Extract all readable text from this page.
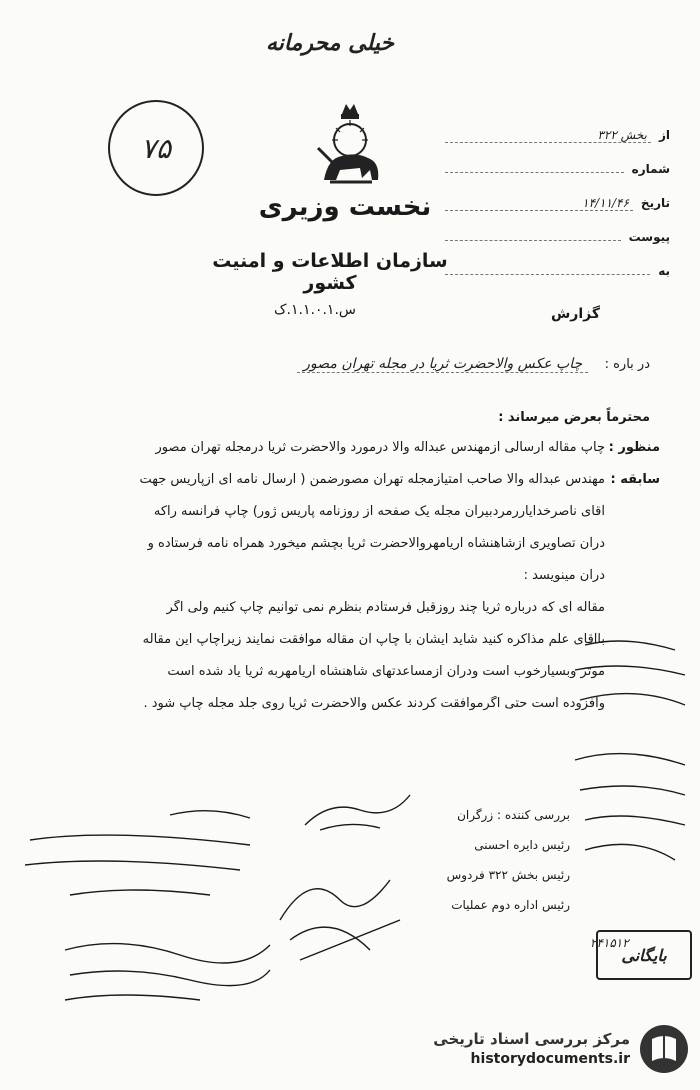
خیلی محرمانه
۷۵	از
بخش ۳۲۲
شماره
تاریخ
۱۴/۱۱/۴۶
پیوست
به
نخست وزیری
سازمان اطلاعات و امنیت کشور
س.۱.۱.۰.۱.ک	گزارش
در باره : چاپ عکس والاحضرت ثریا در مجله تهران مصور
محترماً بعرض میرساند :
منظور :
چاپ مقاله ارسالی ازمهندس عبداله والا درمورد والاحضرت ثریا درمجله تهران مصور
سابقه :
مهندس عبداله والا صاحب امتیازمجله تهران مصورضمن ( ارسال نامه ای ازپاریس جهت
آقای ناصرخدایاررمردبیرآن مجله یک صفحه از روزنامه پاریس ژور) چاپ فرانسه راکه
درآن تصاویری ازشاهنشاه آریامهروالاحضرت ثریا بچشم میخورد همراه نامه فرستاده و
درآن مینویسد :
مقاله ای که درباره ثریا چند روزقبل فرستادم بنظرم نمی توانیم چاپ کنیم ولی اگر
باآقای علم مذاکره کنید شاید ایشان با چاپ آن مقاله موافقت نمایند زیراچاپ این مقاله
موثر وبسیارخوب است ودرآن ازمساعدتهای شاهنشاه آریامهربه ثریا یاد شده است
وافزوده است حتی اگرموافقت کردند عکس والاحضرت ثریا روی جلد مجله چاپ شود .
بررسی کننده : زرگران
رئیس دایره احسنی
رئیس بخش ۳۲۲ فردوس
رئیس اداره دوم عملیات
۲۴۱۵۱۲
بایگانی
مرکز بررسی اسناد تاریخی
historydocuments.ir
